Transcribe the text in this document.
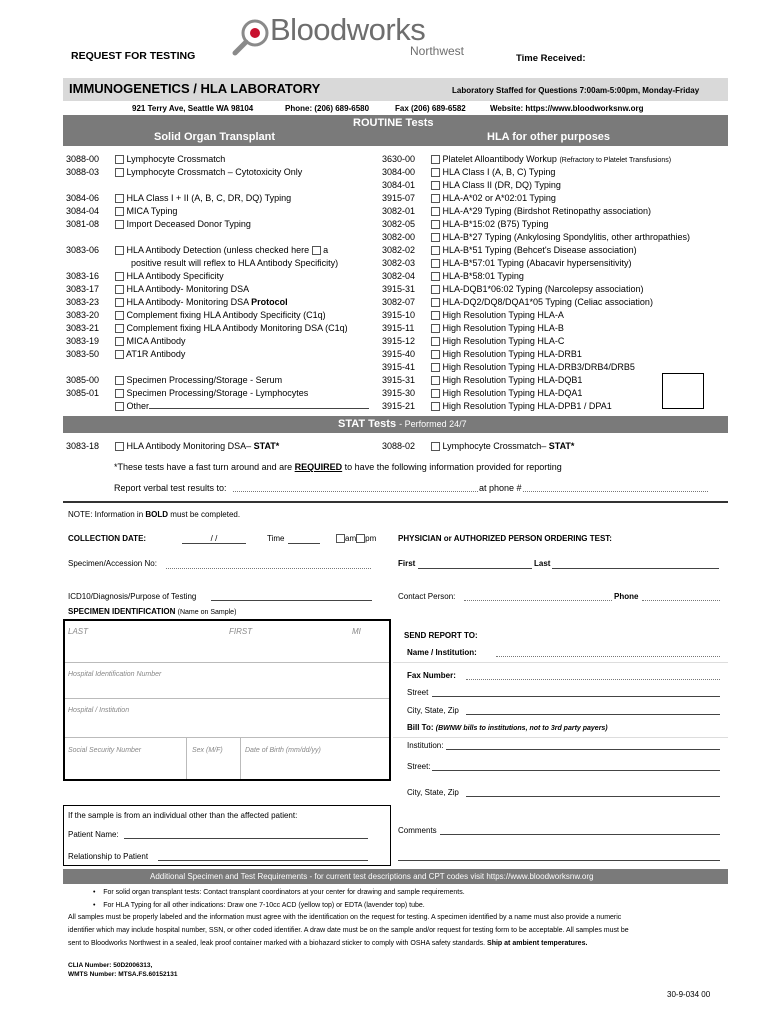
REQUEST FOR TESTING
Bloodworks
Northwest
Time Received:
IMMUNOGENETICS / HLA LABORATORY	Laboratory Staffed for Questions 7:00am-5:00pm, Monday-Friday
921 Terry Ave, Seattle WA 98104	Phone: (206) 689-6580	Fax (206) 689-6582	Website: https://www.bloodworksnw.org
ROUTINE Tests
Solid Organ Transplant	HLA for other purposes
3088-00	Lymphocyte Crossmatch
3088-03	Lymphocyte Crossmatch – Cytotoxicity Only
3084-06	HLA Class I + II (A, B, C, DR, DQ) Typing
3084-04	MICA Typing
3081-08	Import Deceased Donor Typing
3083-06	HLA Antibody Detection (unless checked here a
positive result will reflex to HLA Antibody Specificity)
3083-16	HLA Antibody Specificity
3083-17	HLA Antibody- Monitoring DSA
3083-23	HLA Antibody- Monitoring DSA Protocol
3083-20	Complement fixing HLA Antibody Specificity (C1q)
3083-21	Complement fixing HLA Antibody Monitoring DSA (C1q)
3083-19	MICA Antibody
3083-50	AT1R Antibody
3085-00	Specimen Processing/Storage - Serum
3085-01	Specimen Processing/Storage - Lymphocytes
Other
3630-00	Platelet Alloantibody Workup (Refractory to Platelet Transfusions)
3084-00	HLA Class I (A, B, C) Typing
3084-01	HLA Class II (DR, DQ) Typing
3915-07	HLA-A*02 or A*02:01 Typing
3082-01	HLA-A*29 Typing (Birdshot Retinopathy association)
3082-05	HLA-B*15:02 (B75) Typing
3082-00	HLA-B*27 Typing (Ankylosing Spondylitis, other arthropathies)
3082-02	HLA-B*51 Typing (Behcet's Disease association)
3082-03	HLA-B*57:01 Typing (Abacavir hypersensitivity)
3082-04	HLA-B*58:01 Typing
3915-31	HLA-DQB1*06:02 Typing (Narcolepsy association)
3082-07	HLA-DQ2/DQ8/DQA1*05 Typing (Celiac association)
3915-10	High Resolution Typing HLA-A
3915-11	High Resolution Typing HLA-B
3915-12	High Resolution Typing HLA-C
3915-40	High Resolution Typing HLA-DRB1
3915-41	High Resolution Typing HLA-DRB3/DRB4/DRB5
3915-31	High Resolution Typing HLA-DQB1
3915-30	High Resolution Typing HLA-DQA1
3915-21	High Resolution Typing HLA-DPB1 / DPA1
STAT Tests - Performed 24/7
3083-18	HLA Antibody Monitoring DSA– STAT*	3088-02	Lymphocyte Crossmatch– STAT*
*These tests have a fast turn around and are REQUIRED to have the following information provided for reporting
Report verbal test results to:	at phone #
NOTE: Information in BOLD must be completed.
COLLECTION DATE:	/ /	Time	am pm	PHYSICIAN or AUTHORIZED PERSON ORDERING TEST:
Specimen/Accession No:	First	Last
ICD10/Diagnosis/Purpose of Testing	Contact Person:	Phone
SPECIMEN IDENTIFICATION (Name on Sample)
LAST	FIRST	MI
Hospital Identification Number
Hospital / Institution
Social Security Number	Sex (M/F)	Date of Birth (mm/dd/yy)
SEND REPORT TO:
Name / Institution:
Fax Number:
Street
City, State, Zip
Bill To: (BWNW bills to institutions, not to 3rd party payers)
Institution:
Street:
City, State, Zip
If the sample is from an individual other than the affected patient:
Patient Name:
Relationship to Patient
Comments
Additional Specimen and Test Requirements - for current test descriptions and CPT codes visit https://www.bloodworksnw.org
•    For solid organ transplant tests: Contact transplant coordinators at your center for drawing and sample requirements.
•    For HLA Typing for all other indications: Draw one 7-10cc ACD (yellow top) or EDTA (lavender top) tube.
All samples must be properly labeled and the information must agree with the identification on the request for testing. A specimen identified by a name must also provide a numeric
identifier which may include hospital number, SSN, or other coded identifier. A draw date must be on the sample and/or request for testing form to be acceptable. All samples must be
sent to Bloodworks Northwest in a sealed, leak proof container marked with a biohazard sticker to comply with OSHA safety standards. Ship at ambient temperatures.
CLIA Number: 50D2006313,
WMTS Number: MTSA.FS.60152131
30-9-034 00
